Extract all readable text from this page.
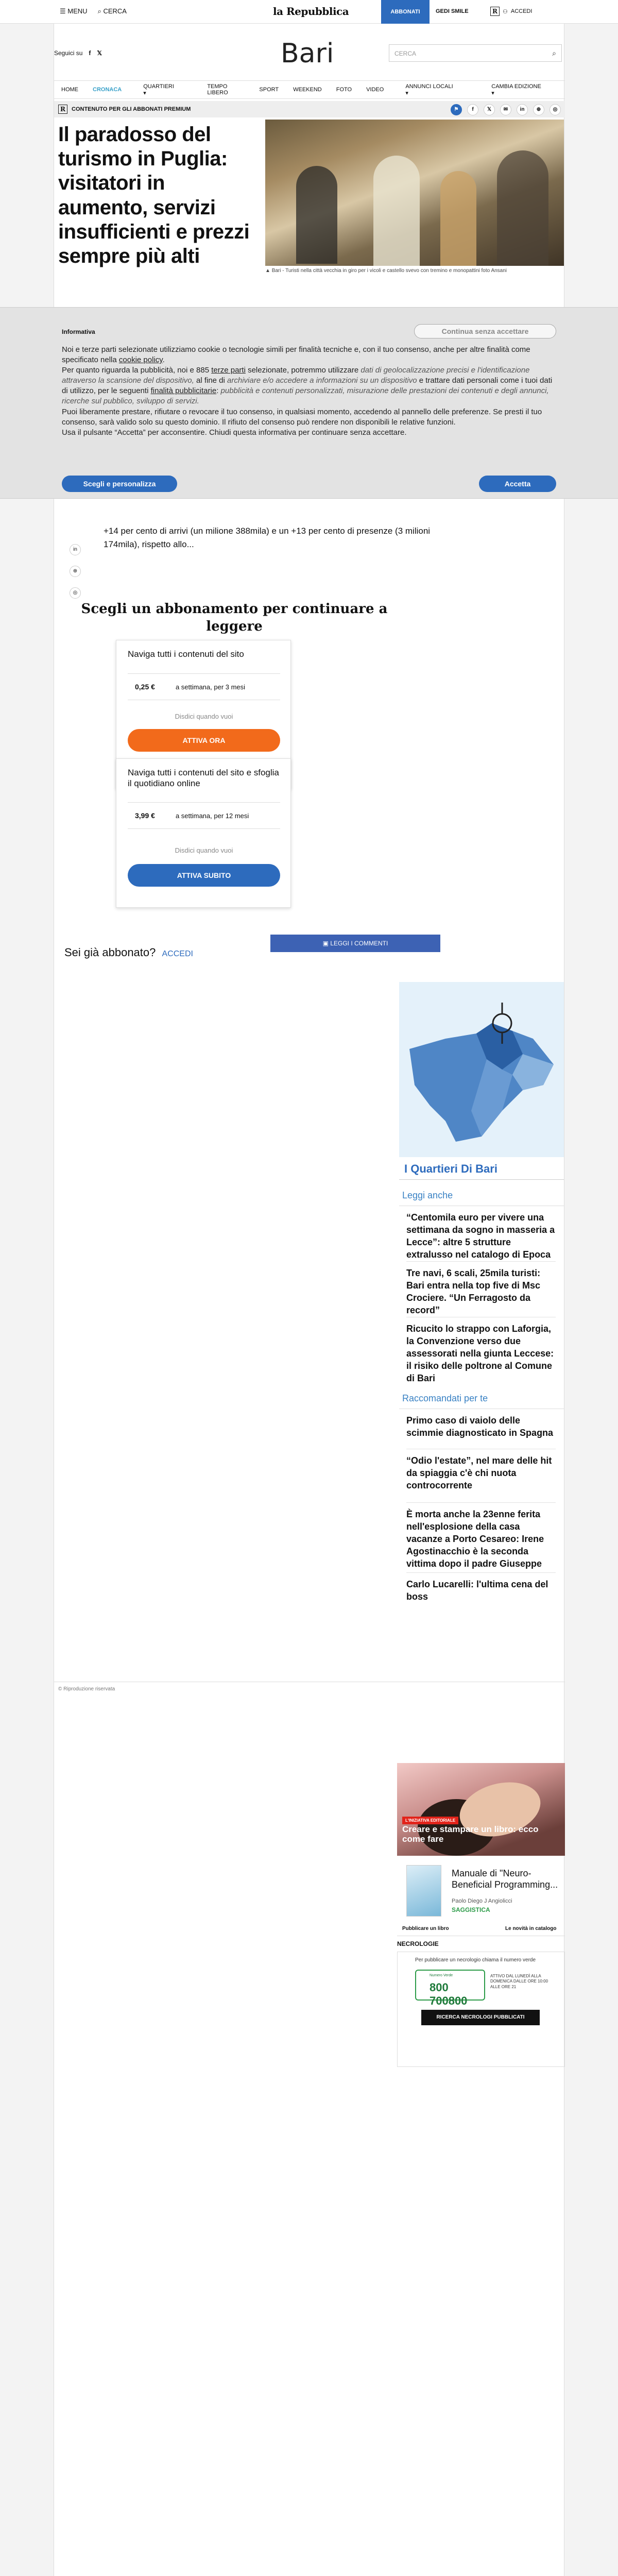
☰ MENU ⌕ CERCA	la Repubblica	ABBONATI	GEDI SMILE	R ⚇ ACCEDI
Seguici su f 𝕏	Bari	CERCA	⌕
HOME	CRONACA
QUARTIERI ▾
TEMPO LIBERO	SPORT	WEEKEND	FOTO	VIDEO
ANNUNCI LOCALI ▾
CAMBIA EDIZIONE ▾
R	CONTENUTO PER GLI ABBONATI PREMIUM	⚑	f	𝕏	✉	in	⊕	◎
Il paradosso del turismo in Puglia: visitatori in aumento, servizi insufficienti e prezzi sempre più alti
▲ Bari - Turisti nella città vecchia in giro per i vicoli e castello svevo con tremino e monopattini foto Ansani
in
⊕
◎

+14 per cento di arrivi (un milione 388mila) e un +13 per cento di presenze (3 milioni 174mila), rispetto allo...

Scegli un abbonamento per continuare a leggere
Naviga tutti i contenuti del sito
0,25 €	a settimana, per 3 mesi
Disdici quando vuoi
ATTIVA ORA
Naviga tutti i contenuti del sito e sfoglia il quotidiano online
3,99 €	a settimana, per 12 mesi
Disdici quando vuoi
ATTIVA SUBITO
Sei già abbonato? ACCEDI
▣ LEGGI I COMMENTI
I Quartieri Di Bari
Leggi anche
“Centomila euro per vivere una settimana da sogno in masseria a Lecce”: altre 5 strutture extralusso nel catalogo di Epoca
Tre navi, 6 scali, 25mila turisti: Bari entra nella top five di Msc Crociere. “Un Ferragosto da record”
Ricucito lo strappo con Laforgia, la Convenzione verso due assessorati nella giunta Leccese: il risiko delle poltrone al Comune di Bari
Raccomandati per te
Primo caso di vaiolo delle scimmie diagnosticato in Spagna
“Odio l'estate”, nel mare delle hit da spiaggia c'è chi nuota controcorrente
È morta anche la 23enne ferita nell'esplosione della casa vacanze a Porto Cesareo: Irene Agostinacchio è la seconda vittima dopo il padre Giuseppe
Carlo Lucarelli: l'ultima cena del boss
© Riproduzione riservata
L'INIZIATIVA EDITORIALE
Creare e stampare un libro: ecco come fare
Manuale di "Neuro-Beneficial Programming...
Paolo Diego J Angiolicci
SAGGISTICA
Pubblicare un libro	Le novità in catalogo
NECROLOGIE
Per pubblicare un necrologio chiama il numero verde
Numero Verde
800 700800
ATTIVO DAL LUNEDÌ ALLA DOMENICA DALLE ORE 10:00 ALLE ORE 21
RICERCA NECROLOGI PUBBLICATI
Informativa	Continua senza accettare
Noi e terze parti selezionate utilizziamo cookie o tecnologie simili per finalità tecniche e, con il tuo consenso, anche per altre finalità come specificato nella cookie policy.
Per quanto riguarda la pubblicità, noi e 885 terze parti selezionate, potremmo utilizzare dati di geolocalizzazione precisi e l'identificazione attraverso la scansione del dispositivo, al fine di archiviare e/o accedere a informazioni su un dispositivo e trattare dati personali come i tuoi dati di utilizzo, per le seguenti finalità pubblicitarie: pubblicità e contenuti personalizzati, misurazione delle prestazioni dei contenuti e degli annunci, ricerche sul pubblico, sviluppo di servizi.
Puoi liberamente prestare, rifiutare o revocare il tuo consenso, in qualsiasi momento, accedendo al pannello delle preferenze. Se presti il tuo consenso, sarà valido solo su questo dominio. Il rifiuto del consenso può rendere non disponibili le relative funzioni.
Usa il pulsante “Accetta” per acconsentire. Chiudi questa informativa per continuare senza accettare.
Scegli e personalizza	Accetta
